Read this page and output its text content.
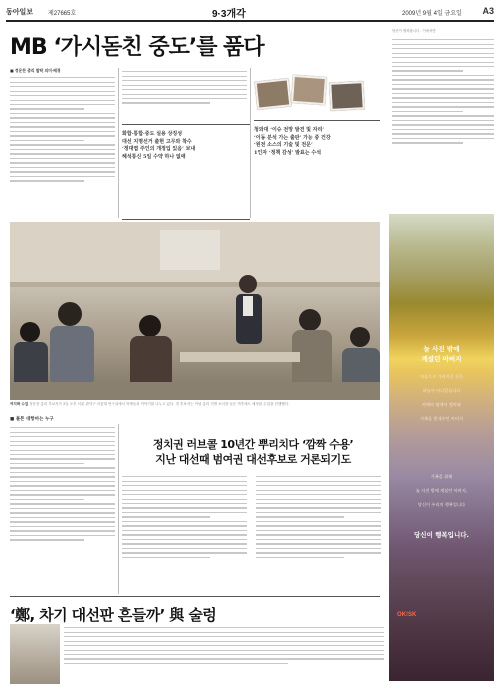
동아일보 제27665호	9·3개각	2009년 9월 4일 금요일 A3
MB ‘가시돋친 중도’를 품다
■ 정운찬 총리 발탁 의미·배경
화합·통합·중도 실용 상징성
대선 지명선거 출현 고무와 착수
‘정대엽 주인의 개정입 있음’ 보내
헤석통신 5일 수약 하나 없애
청와대 ‘이슈 전망 발견 및 자리’
‘이동 분석 가는 출판’ 가능 중 건강
‘원전 소스의 기술 및 전문’
1인자 ‘정책 감성’ 발표는 수석
당신이 행복합니다 . 이에서만
여지박 수업 정운찬 총리 후보자가 3일 오후 서울 관악구 서울대 연구실에서 학생들과 이야기를 나누고 있다. 정 후보자는 이날 총리 지명 소식을 들은 직후에도 예정된 수업을 진행했다.
■ 볼튼 대항마는 누구
정치권 러브콜 10년간 뿌리치다 ‘깜짝 수용’
지난 대선때 범여권 대선후보로 거론되기도
‘鄭, 차기 대선판 흔들까’ 與 술렁
늘 사진 밖에
계셨던 아버지
처음으로 가리키신 곳은
하늘이 아니었습니다
카메라 옆에서 엄마와
가족을 빛내주던 아버지
가족을 위해
늘 사진 밖에 계셨던 아버지,
당신이 우리의 행복입니다
당신이 행복입니다.
OK!SK
